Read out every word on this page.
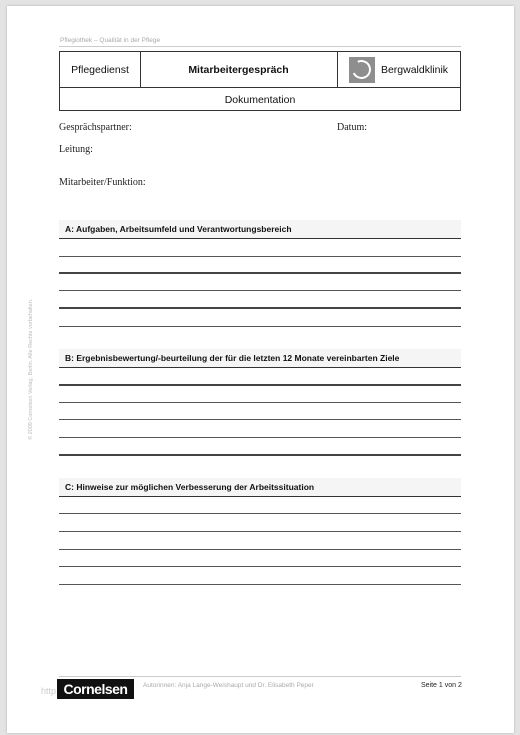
Pflegiothek – Qualität in der Pflege
Pflegedienst	Mitarbeitergespräch	Bergwaldklinik
Dokumentation
Gesprächspartner:	Datum:
Leitung:
Mitarbeiter/Funktion:
A: Aufgaben, Arbeitsumfeld und Verantwortungsbereich
B: Ergebnisbewertung/-beurteilung der für die letzten 12 Monate vereinbarten Ziele
C: Hinweise zur möglichen Verbesserung der Arbeitssituation
© 2009 Cornelsen Verlag, Berlin. Alle Rechte vorbehalten.
http Cornelsen	Autorinnen: Anja Lange-Weishaupt und Dr. Elisabeth Peper	Seite 1 von 2
